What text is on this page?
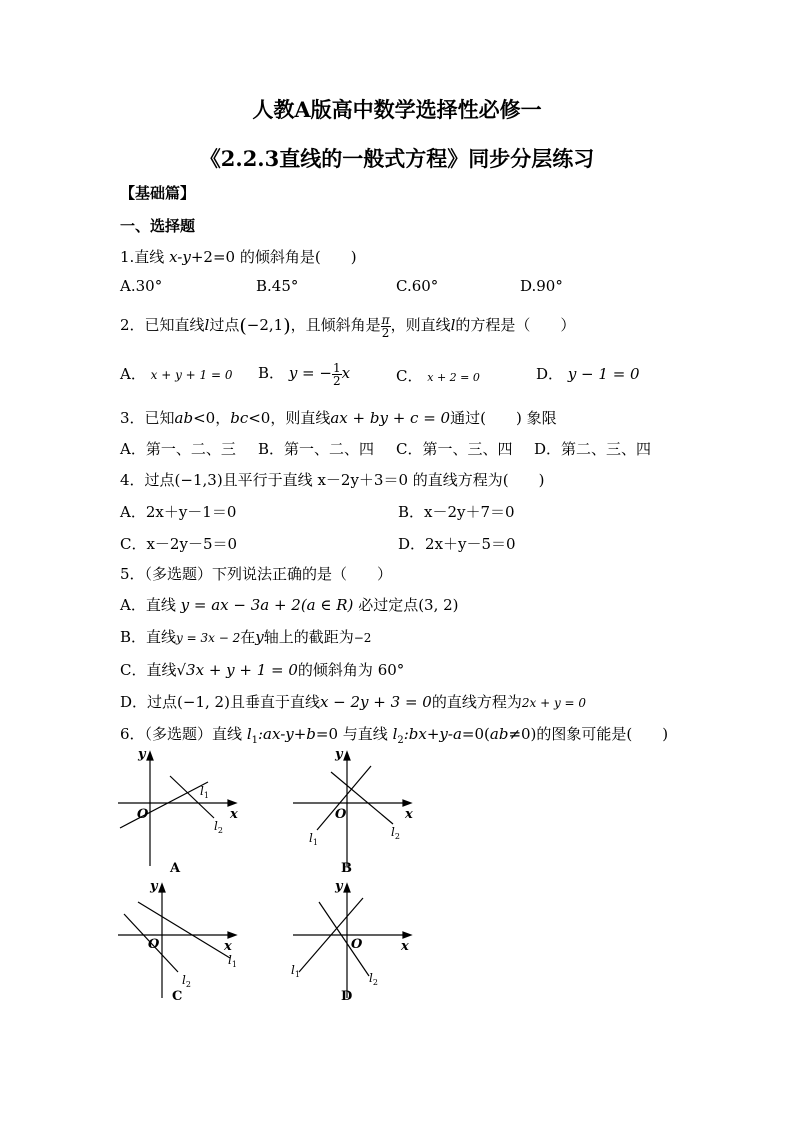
人教A版高中数学选择性必修一
《2.2.3直线的一般式方程》同步分层练习
【基础篇】
一、选择题
1.直线 x-y+2=0 的倾斜角是(　　)
A.30°	B.45°	C.60°	D.90°
2．已知直线l过点(−2,1)，且倾斜角是 $\frac{\pi}{2}$ ，则直线l的方程是（　　）
A． x + y + 1 = 0 B． y = − $\frac{1}{2}$ x	C． x + 2 = 0	D． y − 1 = 0
3．已知ab<0，bc<0，则直线ax + by + c = 0通过(　　) 象限
A．第一、二、三 B．第一、二、四 C．第一、三、四 D．第二、三、四
4．过点(−1,3)且平行于直线 x－2y＋3＝0 的直线方程为(　　)
A．2x＋y－1＝0	B．x－2y＋7＝0
C．x－2y－5＝0	D．2x＋y－5＝0
5．（多选题）下列说法正确的是（　　）
A．直线 y = ax − 3a + 2(a ∈ R) 必过定点(3, 2)
B．直线y = 3x − 2在y轴上的截距为−2
C．直线√3x + y + 1 = 0的倾斜角为 60°
D．过点(−1, 2)且垂直于直线x − 2y + 3 = 0的直线方程为2x + y = 0
6．（多选题）直线 $l_1:ax-y+b=0$ 与直线 $l_2:bx+y-a=0(ab\ne 0)$的图象可能是(　　)
y
x
O
$l_1$
$l_2$
A
y
x
O
$l_1$
$l_2$
B
y
x
O
$l_1$
$l_2$
C
y
x
O
$l_1$	$l_2$
D
